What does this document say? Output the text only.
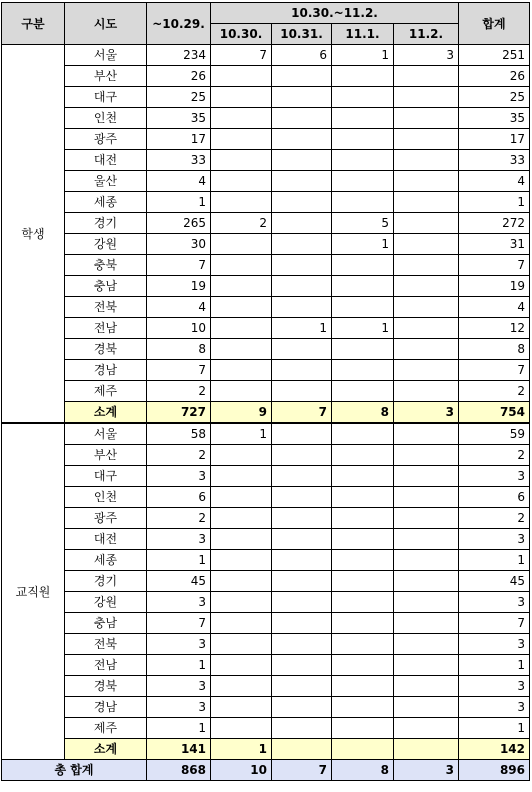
구분	시도	~10.29.	10.30.~11.2.				합계
			10.30.	10.31.	11.1.	11.2.	
학생	서울	234	7	6	1	3	251
	부산	26					26
	대구	25					25
	인천	35					35
	광주	17					17
	대전	33					33
	울산	4					4
	세종	1					1
	경기	265	2		5		272
	강원	30			1		31
	충북	7					7
	충남	19					19
	전북	4					4
	전남	10		1	1		12
	경북	8					8
	경남	7					7
	제주	2					2
	소계	727	9	7	8	3	754
교직원	서울	58	1				59
	부산	2					2
	대구	3					3
	인천	6					6
	광주	2					2
	대전	3					3
	세종	1					1
	경기	45					45
	강원	3					3
	충남	7					7
	전북	3					3
	전남	1					1
	경북	3					3
	경남	3					3
	제주	1					1
	소계	141	1				142
총 합계		868	10	7	8	3	896
